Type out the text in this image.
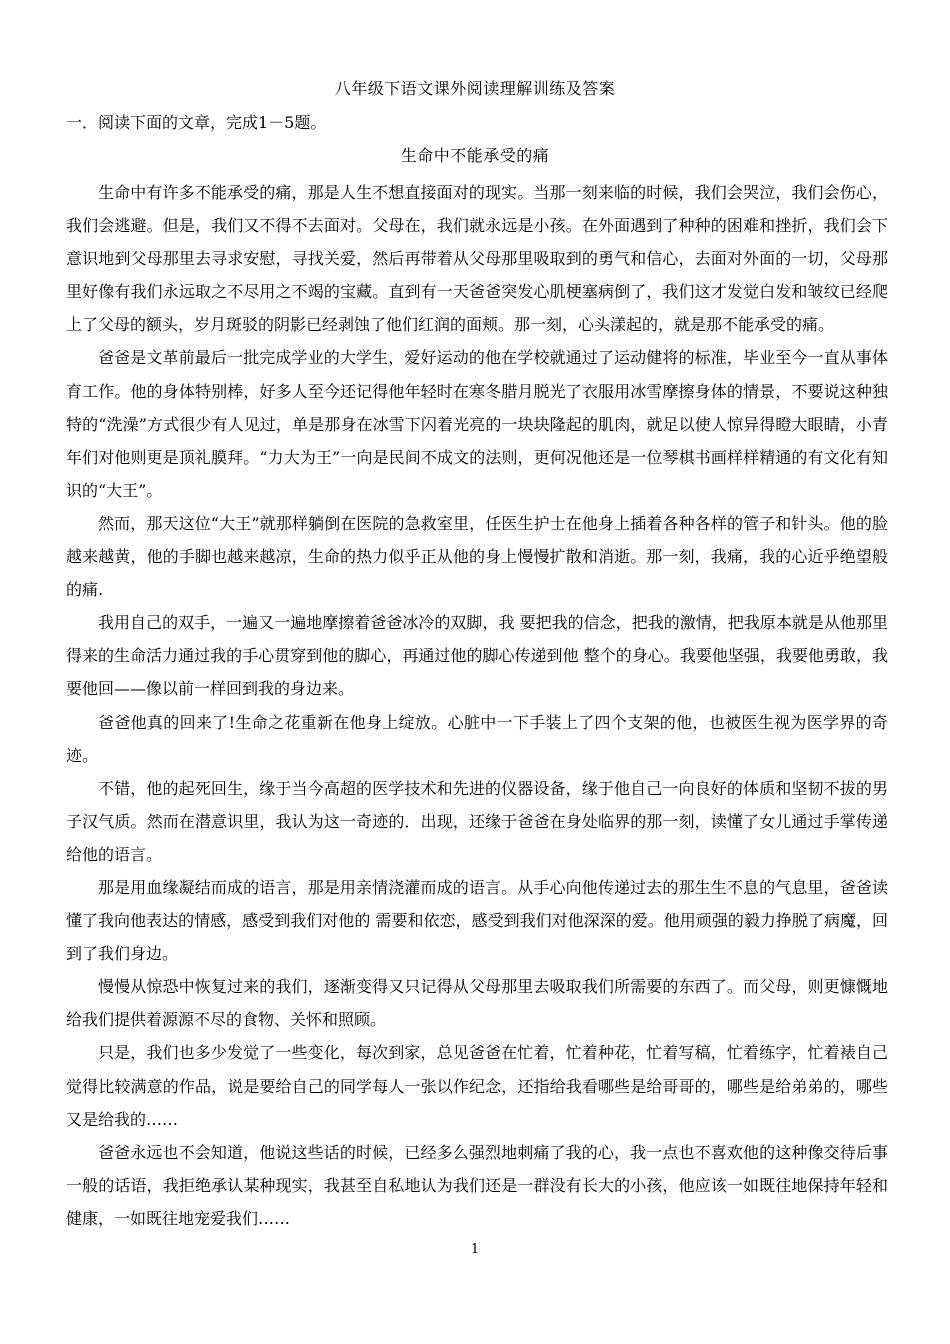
八年级下语文课外阅读理解训练及答案
一．阅读下面的文章，完成1－5题。
生命中不能承受的痛

生命中有许多不能承受的痛，那是人生不想直接面对的现实。当那一刻来临的时候，我们会哭泣，我们会伤心，我们会逃避。但是，我们又不得不去面对。父母在，我们就永远是小孩。在外面遇到了种种的困难和挫折，我们会下意识地到父母那里去寻求安慰，寻找关爱，然后再带着从父母那里吸取到的勇气和信心，去面对外面的一切，父母那里好像有我们永远取之不尽用之不竭的宝藏。直到有一天爸爸突发心肌梗塞病倒了，我们这才发觉白发和皱纹已经爬上了父母的额头，岁月斑驳的阴影已经剥蚀了他们红润的面颊。那一刻，心头漾起的，就是那不能承受的痛。

爸爸是文革前最后一批完成学业的大学生，爱好运动的他在学校就通过了运动健将的标准，毕业至今一直从事体育工作。他的身体特别棒，好多人至今还记得他年轻时在寒冬腊月脱光了衣服用冰雪摩擦身体的情景，不要说这种独特的“洗澡”方式很少有人见过，单是那身在冰雪下闪着光亮的一块块隆起的肌肉，就足以使人惊异得瞪大眼睛，小青年们对他则更是顶礼膜拜。“力大为王”一向是民间不成文的法则，更何况他还是一位琴棋书画样样精通的有文化有知识的“大王”。

然而，那天这位“大王”就那样躺倒在医院的急救室里，任医生护士在他身上插着各种各样的管子和针头。他的脸越来越黄，他的手脚也越来越凉，生命的热力似乎正从他的身上慢慢扩散和消逝。那一刻，我痛，我的心近乎绝望般的痛.

我用自己的双手，一遍又一遍地摩擦着爸爸冰冷的双脚，我 要把我的信念，把我的激情，把我原本就是从他那里得来的生命活力通过我的手心贯穿到他的脚心，再通过他的脚心传递到他 整个的身心。我要他坚强，我要他勇敢，我要他回——像以前一样回到我的身边来。

爸爸他真的回来了!生命之花重新在他身上绽放。心脏中一下手装上了四个支架的他，也被医生视为医学界的奇迹。

不错，他的起死回生，缘于当今高超的医学技术和先进的仪器设备，缘于他自己一向良好的体质和坚韧不拔的男子汉气质。然而在潜意识里，我认为这一奇迹的．出现，还缘于爸爸在身处临界的那一刻，读懂了女儿通过手掌传递给他的语言。

那是用血缘凝结而成的语言，那是用亲情浇灌而成的语言。从手心向他传递过去的那生生不息的气息里，爸爸读懂了我向他表达的情感，感受到我们对他的 需要和依恋，感受到我们对他深深的爱。他用顽强的毅力挣脱了病魔，回到了我们身边。

慢慢从惊恐中恢复过来的我们，逐渐变得又只记得从父母那里去吸取我们所需要的东西了。而父母，则更慷慨地给我们提供着源源不尽的食物、关怀和照顾。

只是，我们也多少发觉了一些变化，每次到家，总见爸爸在忙着，忙着种花，忙着写稿，忙着练字，忙着裱自己觉得比较满意的作品，说是要给自己的同学每人一张以作纪念，还指给我看哪些是给哥哥的，哪些是给弟弟的，哪些又是给我的……

爸爸永远也不会知道，他说这些话的时候，已经多么强烈地刺痛了我的心，我一点也不喜欢他的这种像交待后事一般的话语，我拒绝承认某种现实，我甚至自私地认为我们还是一群没有长大的小孩，他应该一如既往地保持年轻和健康，一如既往地宠爱我们……

1
